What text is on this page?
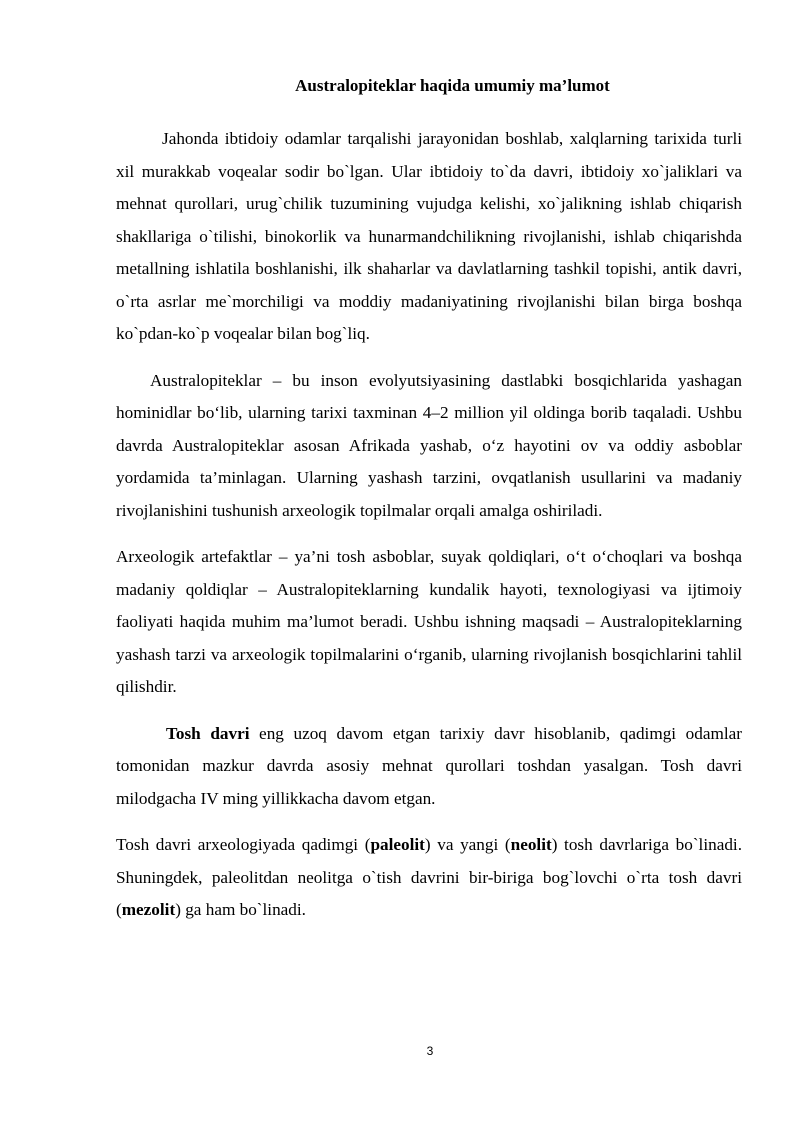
Australopiteklar haqida umumiy ma’lumot

Jahonda ibtidoiy odamlar tarqalishi jarayonidan boshlab, xalqlarning tarixida turli xil murakkab voqealar sodir bo`lgan. Ular ibtidoiy to`da davri, ibtidoiy xo`jaliklari va mehnat qurollari, urug`chilik tuzumining vujudga kelishi, xo`jalikning ishlab chiqarish shakllariga o`tilishi, binokorlik va hunarmandchilikning rivojlanishi, ishlab chiqarishda metallning ishlatila boshlanishi, ilk shaharlar va davlatlarning tashkil topishi, antik davri, o`rta asrlar me`morchiligi va moddiy madaniyatining rivojlanishi bilan birga boshqa ko`pdan-ko`p voqealar bilan bog`liq.

Australopiteklar – bu inson evolyutsiyasining dastlabki bosqichlarida yashagan hominidlar bo‘lib, ularning tarixi taxminan 4–2 million yil oldinga borib taqaladi. Ushbu davrda Australopiteklar asosan Afrikada yashab, o‘z hayotini ov va oddiy asboblar yordamida ta’minlagan. Ularning yashash tarzini, ovqatlanish usullarini va madaniy rivojlanishini tushunish arxeologik topilmalar orqali amalga oshiriladi.

Arxeologik artefaktlar – ya’ni tosh asboblar, suyak qoldiqlari, o‘t o‘choqlari va boshqa madaniy qoldiqlar – Australopiteklarning kundalik hayoti, texnologiyasi va ijtimoiy faoliyati haqida muhim ma’lumot beradi. Ushbu ishning maqsadi – Australopiteklarning yashash tarzi va arxeologik topilmalarini o‘rganib, ularning rivojlanish bosqichlarini tahlil qilishdir.

Tosh davri eng uzoq davom etgan tarixiy davr hisoblanib, qadimgi odamlar tomonidan mazkur davrda asosiy mehnat qurollari toshdan yasalgan. Tosh davri milodgacha IV ming yillikkacha davom etgan.

Tosh davri arxeologiyada qadimgi (paleolit) va yangi (neolit) tosh davrlariga bo`linadi. Shuningdek, paleolitdan neolitga o`tish davrini bir-biriga bog`lovchi o`rta tosh davri (mezolit) ga ham bo`linadi.

3
